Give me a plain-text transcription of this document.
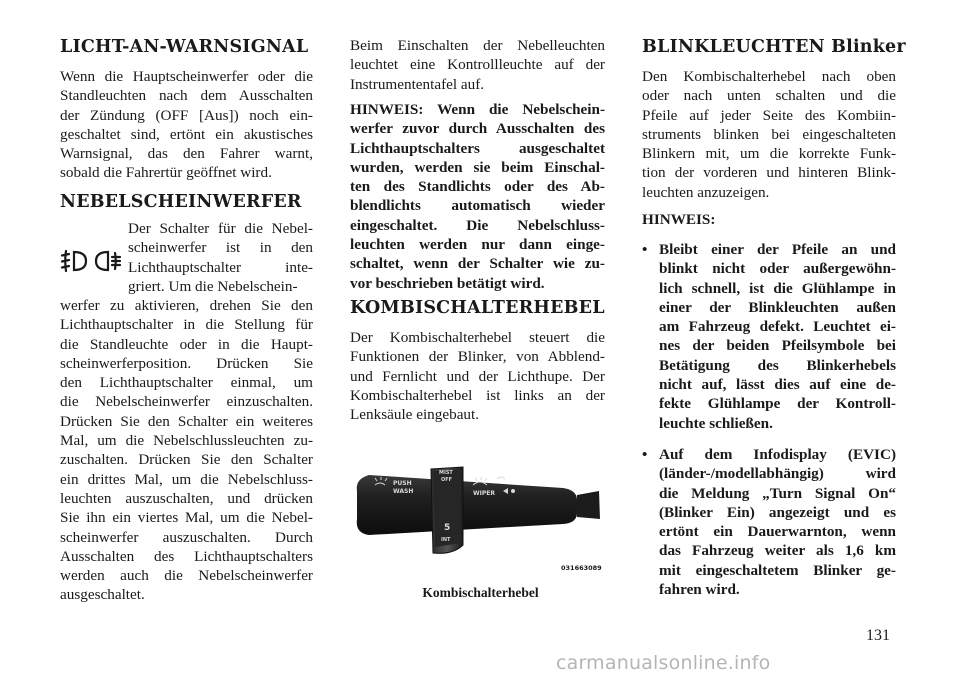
LICHT-AN-WARNSIGNAL

Wenn die Hauptscheinwerfer oder die
Standleuchten nach dem Ausschalten
der Zündung (OFF [Aus]) noch ein-
geschaltet sind, ertönt ein akustisches
Warnsignal, das den Fahrer warnt,
sobald die Fahrertür geöffnet wird.

NEBELSCHEINWERFER

Der Schalter für die Nebel-
scheinwerfer ist in den
Lichthauptschalter inte-
griert. Um die Nebelschein-

werfer zu aktivieren, drehen Sie den
Lichthauptschalter in die Stellung für
die Standleuchte oder in die Haupt-
scheinwerferposition. Drücken Sie
den Lichthauptschalter einmal, um
die Nebelscheinwerfer einzuschalten.
Drücken Sie den Schalter ein weiteres
Mal, um die Nebelschlussleuchten zu-
zuschalten. Drücken Sie den Schalter
ein drittes Mal, um die Nebelschluss-
leuchten auszuschalten, und drücken
Sie ihn ein viertes Mal, um die Nebel-
scheinwerfer auszuschalten. Durch
Ausschalten des Lichthauptschalters
werden auch die Nebelscheinwerfer
ausgeschaltet.

Beim Einschalten der Nebelleuchten
leuchtet eine Kontrollleuchte auf der
Instrumententafel auf.

HINWEIS: Wenn die Nebelschein-
werfer zuvor durch Ausschalten des
Lichthauptschalters ausgeschaltet
wurden, werden sie beim Einschal-
ten des Standlichts oder des Ab-
blendlichts automatisch wieder
eingeschaltet. Die Nebelschluss-
leuchten werden nur dann einge-
schaltet, wenn der Schalter wie zu-
vor beschrieben betätigt wird.

KOMBISCHALTERHEBEL

Der Kombischalterhebel steuert die
Funktionen der Blinker, von Abblend-
und Fernlicht und der Lichthupe. Der
Kombischalterhebel ist links an der
Lenksäule eingebaut.

PUSH
WASH
MIST
OFF
INT
5
WIPER
031663089
Kombischalterhebel
BLINKLEUCHTEN Blinker

Den Kombischalterhebel nach oben
oder nach unten schalten und die
Pfeile auf jeder Seite des Kombiin-
struments blinken bei eingeschalteten
Blinkern mit, um die korrekte Funk-
tion der vorderen und hinteren Blink-
leuchten anzuzeigen.

HINWEIS:

• Bleibt einer der Pfeile an und
blinkt nicht oder außergewöhn-
lich schnell, ist die Glühlampe in
einer der Blinkleuchten außen
am Fahrzeug defekt. Leuchtet ei-
nes der beiden Pfeilsymbole bei
Betätigung des Blinkerhebels
nicht auf, lässt dies auf eine de-
fekte Glühlampe der Kontroll-
leuchte schließen.
• Auf dem Infodisplay (EVIC)
(länder-/modellabhängig) wird
die Meldung „Turn Signal On“
(Blinker Ein) angezeigt und es
ertönt ein Dauerwarnton, wenn
das Fahrzeug weiter als 1,6 km
mit eingeschaltetem Blinker ge-
fahren wird.
131
carmanualsonline.info
